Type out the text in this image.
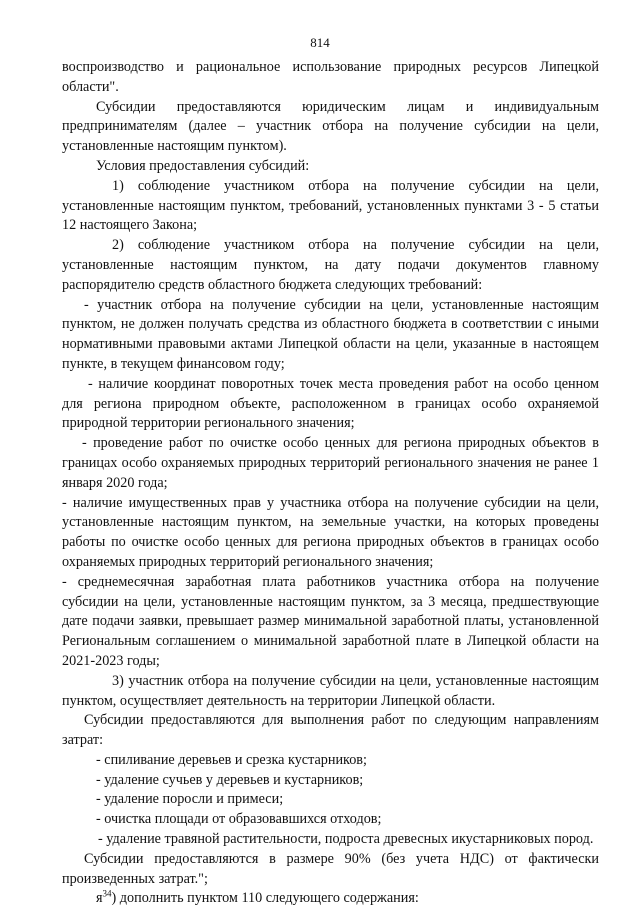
814

воспроизводство и рациональное использование природных ресурсов Липецкой области".

Субсидии предоставляются юридическим лицам и индивидуальным предпринимателям (далее – участник отбора на получение субсидии на цели, установленные настоящим пунктом).

Условия предоставления субсидий:

1) соблюдение участником отбора на получение субсидии на цели, установленные настоящим пунктом, требований, установленных пунктами 3 - 5 статьи 12 настоящего Закона;

2) соблюдение участником отбора на получение субсидии на цели, установленные настоящим пунктом, на дату подачи документов главному распорядителю средств областного бюджета следующих требований:

- участник отбора на получение субсидии на цели, установленные настоящим пунктом, не должен получать средства из областного бюджета в соответствии с иными нормативными правовыми актами Липецкой области на цели, указанные в настоящем пункте, в текущем финансовом году;

- наличие координат поворотных точек места проведения работ на особо ценном для региона природном объекте, расположенном в границах особо охраняемой природной территории регионального значения;

- проведение работ по очистке особо ценных для региона природных объектов в границах особо охраняемых природных территорий регионального значения не ранее 1 января 2020 года;

- наличие имущественных прав у участника отбора на получение субсидии на цели, установленные настоящим пунктом, на земельные участки, на которых проведены работы по очистке особо ценных для региона природных объектов в границах особо охраняемых природных территорий регионального значения;

- среднемесячная заработная плата работников участника отбора на получение субсидии на цели, установленные настоящим пунктом, за 3 месяца, предшествующие дате подачи заявки, превышает размер минимальной заработной платы, установленной Региональным соглашением о минимальной заработной плате в Липецкой области на 2021-2023 годы;

3) участник отбора на получение субсидии на цели, установленные настоящим пунктом, осуществляет деятельность на территории Липецкой области.

Субсидии предоставляются для выполнения работ по следующим направлениям затрат:

- спиливание деревьев и срезка кустарников;

- удаление сучьев у деревьев и кустарников;

- удаление поросли и примеси;

- очистка площади от образовавшихся отходов;

- удаление травяной растительности, подроста древесных икустарниковых пород.

Субсидии предоставляются в размере 90% (без учета НДС) от фактически произведенных затрат.";

$я^{34}$) дополнить пунктом 110 следующего содержания:
